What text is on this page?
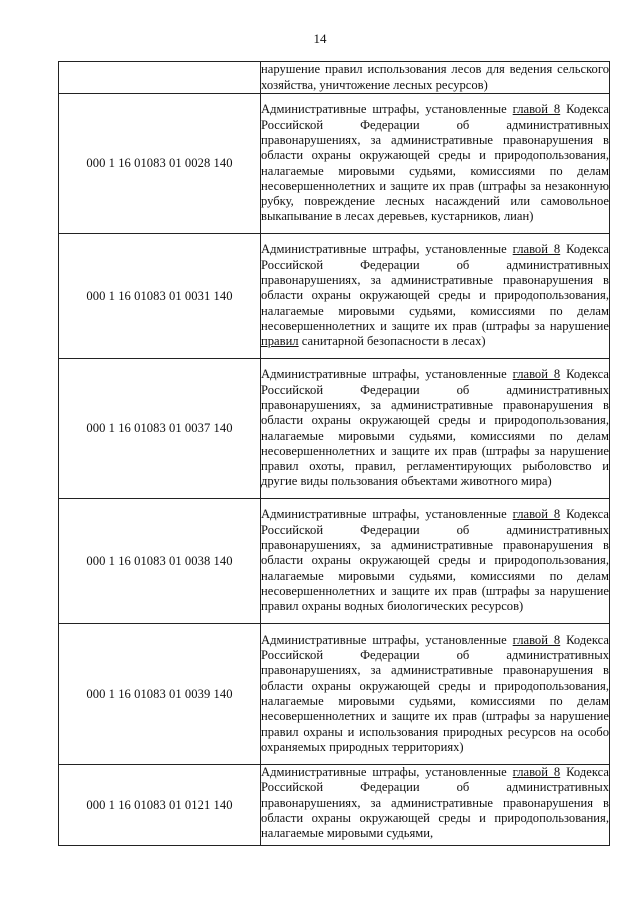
14

	нарушение правил использования лесов для ведения сельского хозяйства, уничтожение лесных ресурсов)

000 1 16 01083 01 0028 140	Административные штрафы, установленные главой 8 Кодекса Российской Федерации об административных правонарушениях, за административные правонарушения в области охраны окружающей среды и природопользования, налагаемые мировыми судьями, комиссиями по делам несовершеннолетних и защите их прав (штрафы за незаконную рубку, повреждение лесных насаждений или самовольное выкапывание в лесах деревьев, кустарников, лиан)

000 1 16 01083 01 0031 140	Административные штрафы, установленные главой 8 Кодекса Российской Федерации об административных правонарушениях, за административные правонарушения в области охраны окружающей среды и природопользования, налагаемые мировыми судьями, комиссиями по делам несовершеннолетних и защите их прав (штрафы за нарушение правил санитарной безопасности в лесах)

000 1 16 01083 01 0037 140	Административные штрафы, установленные главой 8 Кодекса Российской Федерации об административных правонарушениях, за административные правонарушения в области охраны окружающей среды и природопользования, налагаемые мировыми судьями, комиссиями по делам несовершеннолетних и защите их прав (штрафы за нарушение правил охоты, правил, регламентирующих рыболовство и другие виды пользования объектами животного мира)

000 1 16 01083 01 0038 140	Административные штрафы, установленные главой 8 Кодекса Российской Федерации об административных правонарушениях, за административные правонарушения в области охраны окружающей среды и природопользования, налагаемые мировыми судьями, комиссиями по делам несовершеннолетних и защите их прав (штрафы за нарушение правил охраны водных биологических ресурсов)

000 1 16 01083 01 0039 140	Административные штрафы, установленные главой 8 Кодекса Российской Федерации об административных правонарушениях, за административные правонарушения в области охраны окружающей среды и природопользования, налагаемые мировыми судьями, комиссиями по делам несовершеннолетних и защите их прав (штрафы за нарушение правил охраны и использования природных ресурсов на особо охраняемых природных территориях)

000 1 16 01083 01 0121 140	Административные штрафы, установленные главой 8 Кодекса Российской Федерации об административных правонарушениях, за административные правонарушения в области охраны окружающей среды и природопользования, налагаемые мировыми судьями,
